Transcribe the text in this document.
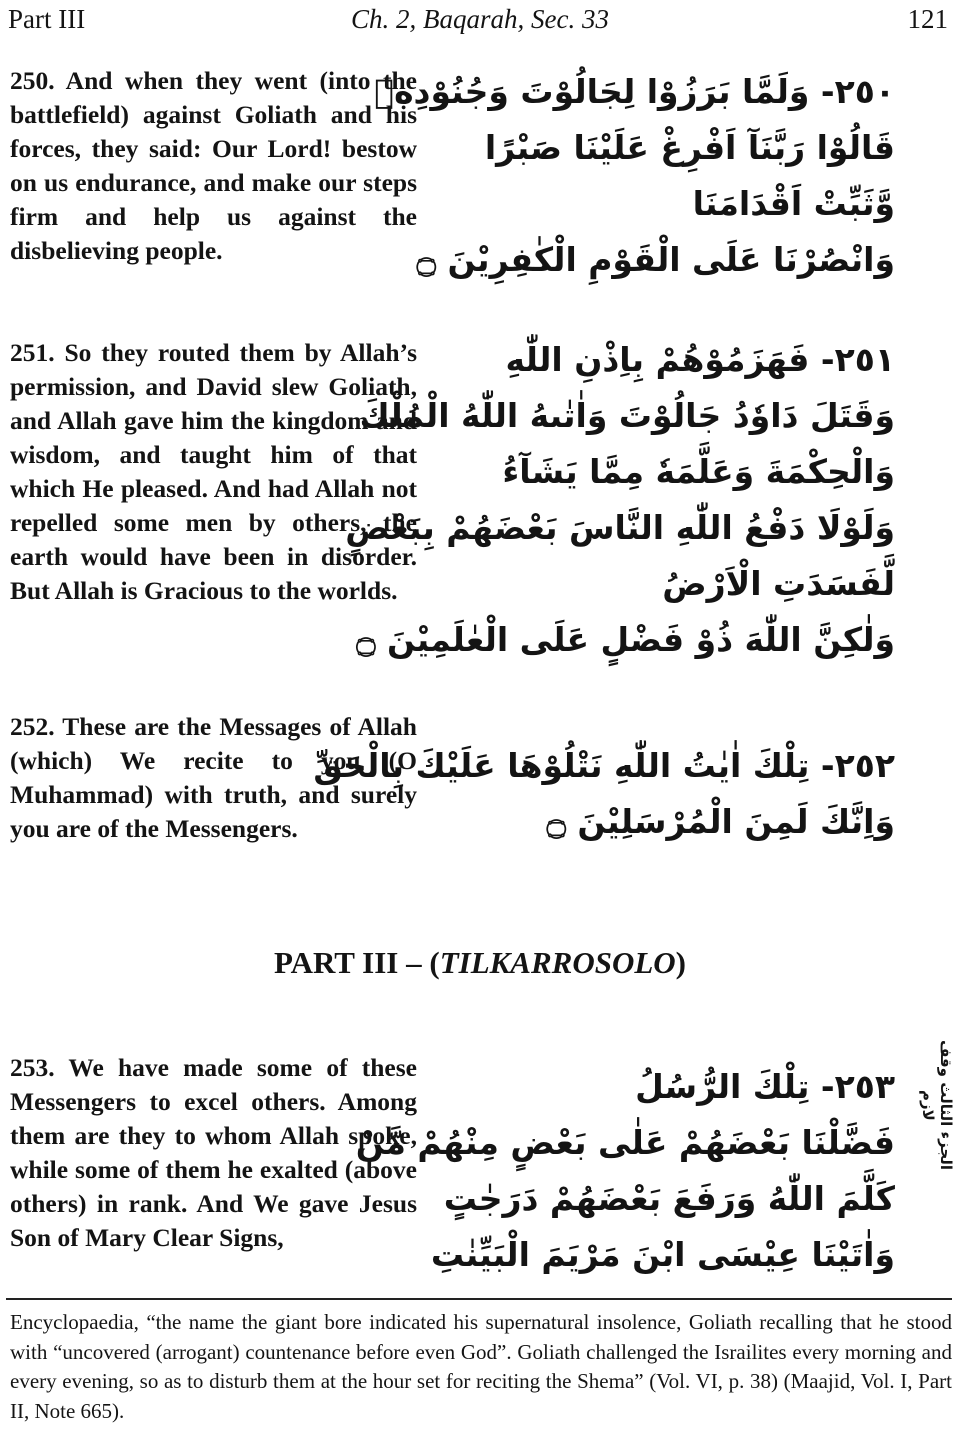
Part III	Ch. 2, Baqarah, Sec. 33	121

250. And when they went (into the battlefield) against Goliath and his forces, they said: Our Lord! bestow on us endurance, and make our steps firm and help us against the disbelieving people.

٢٥٠- وَلَمَّا بَرَزُوْا لِجَالُوْتَ وَجُنُوْدِهٖ
قَالُوْا رَبَّنَآ اَفْرِغْ عَلَيْنَا صَبْرًا
وَّثَبِّتْ اَقْدَامَنَا
وَانْصُرْنَا عَلَى الْقَوْمِ الْكٰفِرِيْنَ ۝

251. So they routed them by Allah’s permission, and David slew Goliath, and Allah gave him the kingdom and wisdom, and taught him of that which He pleased. And had Allah not repelled some men by others, the earth would have been in disorder. But Allah is Gracious to the worlds.

٢٥١- فَهَزَمُوْهُمْ بِاِذْنِ اللّٰهِ
وَقَتَلَ دَاوٗدُ جَالُوْتَ وَاٰتٰىهُ اللّٰهُ الْمُلْكَ
وَالْحِكْمَةَ وَعَلَّمَهٗ مِمَّا يَشَآءُ
وَلَوْلَا دَفْعُ اللّٰهِ النَّاسَ بَعْضَهُمْ بِبَعْضٍ
لَّفَسَدَتِ الْاَرْضُ
وَلٰكِنَّ اللّٰهَ ذُوْ فَضْلٍ عَلَى الْعٰلَمِيْنَ ۝

252. These are the Messages of Allah (which) We recite to you (O Muhammad) with truth, and surely you are of the Messengers.

٢٥٢- تِلْكَ اٰيٰتُ اللّٰهِ نَتْلُوْهَا عَلَيْكَ بِالْحَقِّ
وَاِنَّكَ لَمِنَ الْمُرْسَلِيْنَ ۝
PART III – (TILKARROSOLO)

253. We have made some of these Messengers to excel others. Among them are they to whom Allah spoke, while some of them he exalted (above others) in rank. And We gave Jesus Son of Mary Clear Signs,

٢٥٣- تِلْكَ الرُّسُلُ
فَضَّلْنَا بَعْضَهُمْ عَلٰى بَعْضٍ مِنْهُمْ مَّنْ
كَلَّمَ اللّٰهُ وَرَفَعَ بَعْضَهُمْ دَرَجٰتٍ
وَاٰتَيْنَا عِيْسَى ابْنَ مَرْيَمَ الْبَيِّنٰتِ
الجزء الثالث وقف لازم

Encyclopaedia, “the name the giant bore indicated his supernatural insolence, Goliath recalling that he stood with “uncovered (arrogant) countenance before even God”. Goliath challenged the Israilites every morning and every evening, so as to disturb them at the hour set for reciting the Shema” (Vol. VI, p. 38) (Maajid, Vol. I, Part II, Note 665).
